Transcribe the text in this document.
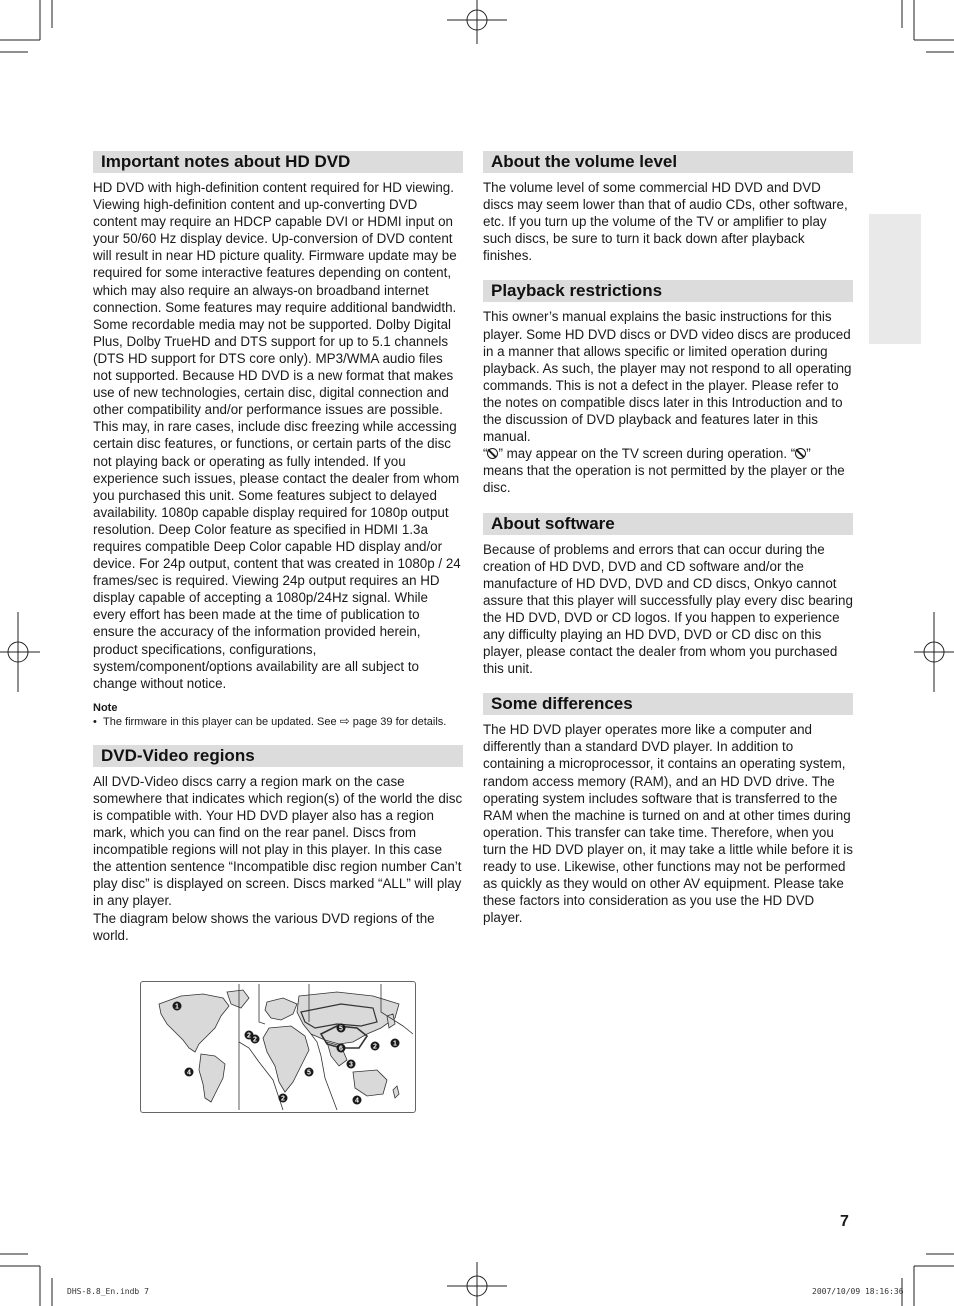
Important notes about HD DVD

HD DVD with high-definition content required for HD viewing. Viewing high-definition content and up-converting DVD content may require an HDCP capable DVI or HDMI input on your 50/60 Hz display device. Up-conversion of DVD content will result in near HD picture quality. Firmware update may be required for some interactive features depending on content, which may also require an always-on broadband internet connection. Some features may require additional bandwidth. Some recordable media may not be supported. Dolby Digital Plus, Dolby TrueHD and DTS support for up to 5.1 channels (DTS HD support for DTS core only). MP3/WMA audio files not supported. Because HD DVD is a new format that makes use of new technologies, certain disc, digital connection and other compatibility and/or performance issues are possible. This may, in rare cases, include disc freezing while accessing certain disc features, or functions, or certain parts of the disc not playing back or operating as fully intended. If you experience such issues, please contact the dealer from whom you purchased this unit. Some features subject to delayed availability. 1080p capable display required for 1080p output resolution. Deep Color feature as specified in HDMI 1.3a requires compatible Deep Color capable HD display and/or device. For 24p output, content that was created in 1080p / 24 frames/sec is required. Viewing 24p output requires an HD display capable of accepting a 1080p/24Hz signal. While every effort has been made at the time of publication to ensure the accuracy of the information provided herein, product specifications, configurations, system/component/options availability are all subject to change without notice.

Note
• The firmware in this player can be updated. See ⇨ page 39 for details.
DVD-Video regions

All DVD-Video discs carry a region mark on the case somewhere that indicates which region(s) of the world the disc is compatible with. Your HD DVD player also has a region mark, which you can find on the rear panel. Discs from incompatible regions will not play in this player. In this case the attention sentence “Incompatible disc region number Can’t play disc” is displayed on screen. Discs marked “ALL” will play in any player.

The diagram below shows the various DVD regions of the world.

About the volume level

The volume level of some commercial HD DVD and DVD discs may seem lower than that of audio CDs, other software, etc. If you turn up the volume of the TV or amplifier to play such discs, be sure to turn it back down after playback finishes.

Playback restrictions

This owner’s manual explains the basic instructions for this player. Some HD DVD discs or DVD video discs are produced in a manner that allows specific or limited operation during playback. As such, the player may not respond to all operating commands. This is not a defect in the player. Please refer to the notes on compatible discs later in this Introduction and to the discussion of DVD playback and features later in this manual.

“ ” may appear on the TV screen during operation. “ ” means that the operation is not permitted by the player or the disc.

About software

Because of problems and errors that can occur during the creation of HD DVD, DVD and CD software and/or the manufacture of HD DVD, DVD and CD discs, Onkyo cannot assure that this player will successfully play every disc bearing the HD DVD, DVD or CD logos. If you happen to experience any difficulty playing an HD DVD, DVD or CD disc on this player, please contact the dealer from whom you purchased this unit.

Some differences

The HD DVD player operates more like a computer and differently than a standard DVD player. In addition to containing a microprocessor, it contains an operating system, random access memory (RAM), and an HD DVD drive. The operating system includes software that is transferred to the RAM when the machine is turned on and at other times during operation. This transfer can take time. Therefore, when you turn the HD DVD player on, it may take a little while before it is ready to use. Likewise, other functions may not be performed as quickly as they would on other AV equipment. Please take these factors into consideration as you use the HD DVD player.

1
2
2
4
5
6	2 1
3
5
2	4
7
DHS-8.8_En.indb 7	2007/10/09 18:16:36
